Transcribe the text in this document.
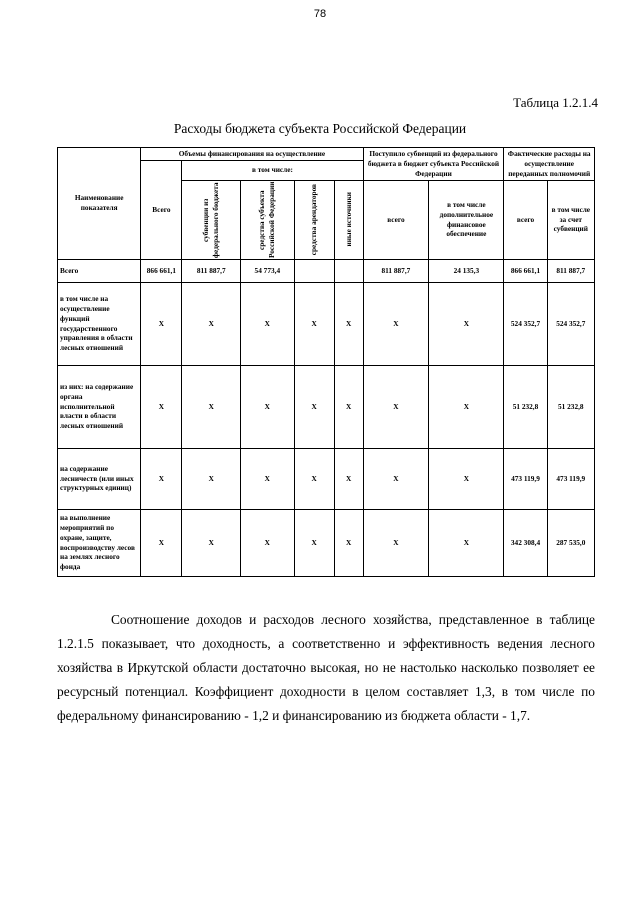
78
Таблица 1.2.1.4
Расходы бюджета субъекта Российской Федерации
Наименование показателя	Объемы финансирования на осуществление					Поступило субвенций из федерального бюджета в бюджет субъекта Российской Федерации		Фактические расходы на осуществление переданных полномочий	
	Всего	в том числе:							

		субвенции из федерального бюджета	средства субъекта Российской Федерации	средства арендаторов	иные источники	всего	в том числе дополнительное финансовое обеспечение	всего	в том числе за счет субвенций
Всего	866 661,1	811 887,7	54 773,4			811 887,7	24 135,3	866 661,1	811 887,7
в том числе на осуществление функций государственного управления в области лесных отношений	Х	Х	Х	Х	Х	Х	Х	524 352,7	524 352,7
из них: на содержание органа исполнительной власти в области лесных отношений	Х	Х	Х	Х	Х	Х	Х	51 232,8	51 232,8
на содержание лесничеств (или иных структурных единиц)	Х	Х	Х	Х	Х	Х	Х	473 119,9	473 119,9
на выполнение мероприятий по охране, защите, воспроизводству лесов на землях лесного фонда	Х	Х	Х	Х	Х	Х	Х	342 308,4	287 535,0
Соотношение доходов и расходов лесного хозяйства, представленное в таблице 1.2.1.5 показывает, что доходность, а соответственно и эффективность ведения лесного хозяйства в Иркутской области достаточно высокая, но не настолько насколько позволяет ее ресурсный потенциал. Коэффициент доходности в целом составляет 1,3, в том числе по федеральному финансированию - 1,2 и финансированию из бюджета области - 1,7.
